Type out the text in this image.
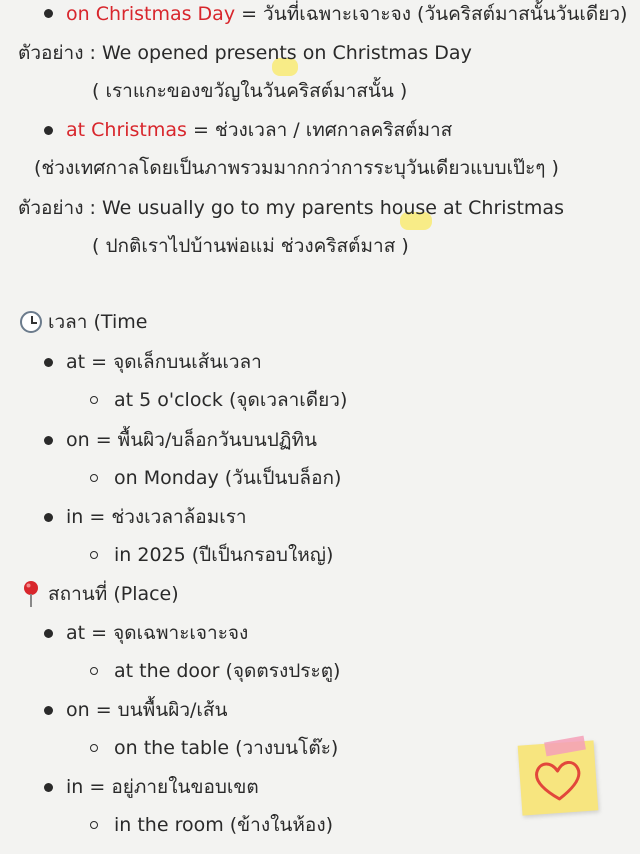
on Christmas Day = วันที่เฉพาะเจาะจง (วันคริสต์มาสนั้นวันเดียว)
ตัวอย่าง : We opened presents on Christmas Day
( เราแกะของขวัญในวันคริสต์มาสนั้น )
at Christmas = ช่วงเวลา / เทศกาลคริสต์มาส
(ช่วงเทศกาลโดยเป็นภาพรวมมากกว่าการระบุวันเดียวแบบเป๊ะๆ )
ตัวอย่าง : We usually go to my parents house at Christmas
( ปกติเราไปบ้านพ่อแม่ ช่วงคริสต์มาส )
เวลา (Time
at = จุดเล็กบนเส้นเวลา
at 5 o'clock (จุดเวลาเดียว)
on = พื้นผิว/บล็อกวันบนปฏิทิน
on Monday (วันเป็นบล็อก)
in = ช่วงเวลาล้อมเรา
in 2025 (ปีเป็นกรอบใหญ่)
สถานที่ (Place)
at = จุดเฉพาะเจาะจง
at the door (จุดตรงประตู)
on = บนพื้นผิว/เส้น
on the table (วางบนโต๊ะ)
in = อยู่ภายในขอบเขต
in the room (ข้างในห้อง)
